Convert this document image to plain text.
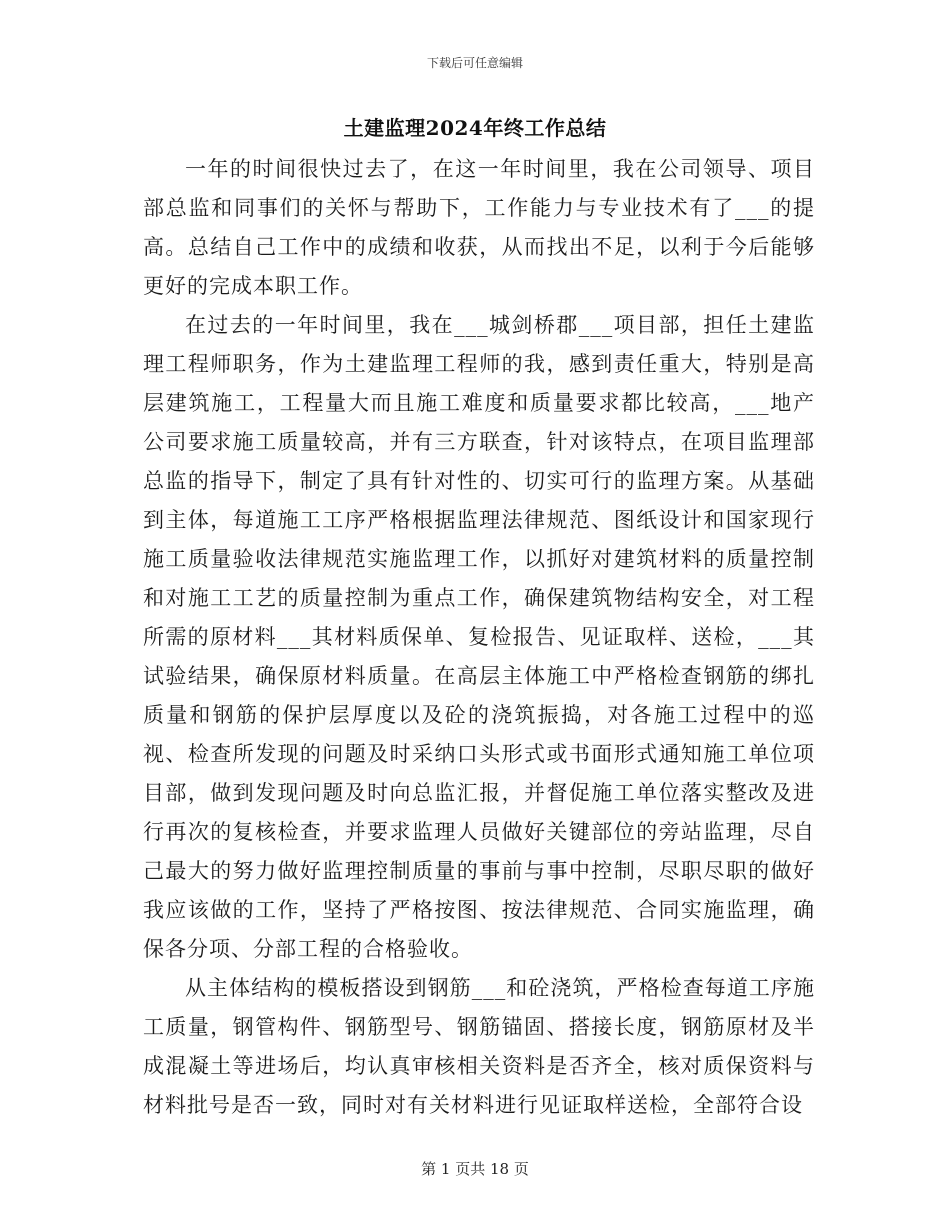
下载后可任意编辑
土建监理2024年终工作总结

一年的时间很快过去了，在这一年时间里，我在公司领导、项目部总监和同事们的关怀与帮助下，工作能力与专业技术有了___的提高。总结自己工作中的成绩和收获，从而找出不足，以利于今后能够更好的完成本职工作。

在过去的一年时间里，我在___城剑桥郡___项目部，担任土建监理工程师职务，作为土建监理工程师的我，感到责任重大，特别是高层建筑施工，工程量大而且施工难度和质量要求都比较高，___地产公司要求施工质量较高，并有三方联查，针对该特点，在项目监理部总监的指导下，制定了具有针对性的、切实可行的监理方案。从基础到主体，每道施工工序严格根据监理法律规范、图纸设计和国家现行施工质量验收法律规范实施监理工作，以抓好对建筑材料的质量控制和对施工工艺的质量控制为重点工作，确保建筑物结构安全，对工程所需的原材料___其材料质保单、复检报告、见证取样、送检，___其试验结果，确保原材料质量。在高层主体施工中严格检查钢筋的绑扎质量和钢筋的保护层厚度以及砼的浇筑振捣，对各施工过程中的巡视、检查所发现的问题及时采纳口头形式或书面形式通知施工单位项目部，做到发现问题及时向总监汇报，并督促施工单位落实整改及进行再次的复核检查，并要求监理人员做好关键部位的旁站监理，尽自己最大的努力做好监理控制质量的事前与事中控制，尽职尽职的做好我应该做的工作，坚持了严格按图、按法律规范、合同实施监理，确保各分项、分部工程的合格验收。

从主体结构的模板搭设到钢筋___和砼浇筑，严格检查每道工序施工质量，钢管构件、钢筋型号、钢筋锚固、搭接长度，钢筋原材及半成混凝土等进场后，均认真审核相关资料是否齐全，核对质保资料与材料批号是否一致，同时对有关材料进行见证取样送检，全部符合设

第 1 页共 18 页
